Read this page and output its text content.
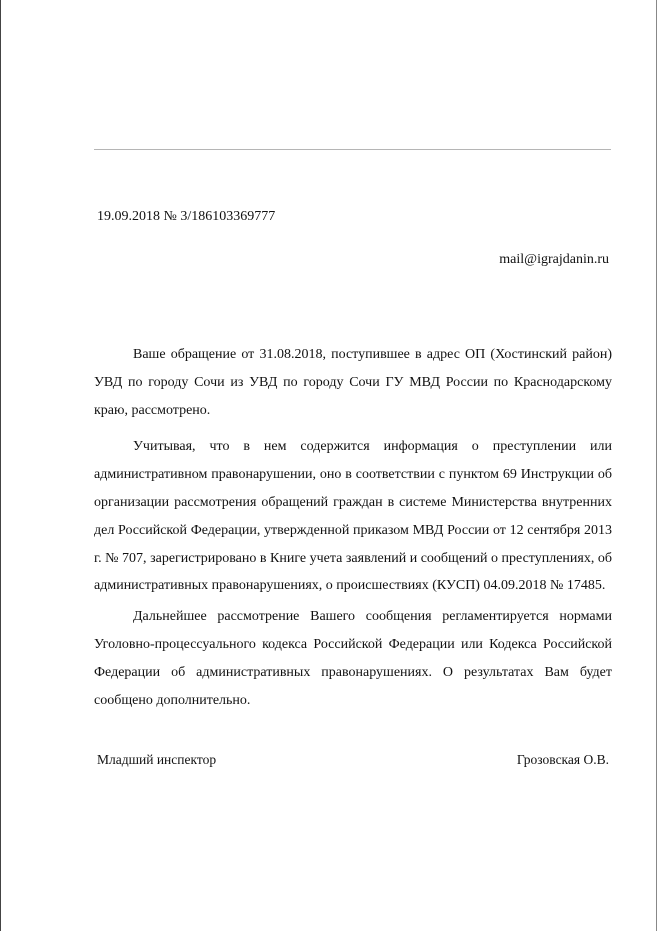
19.09.2018 № 3/186103369777
mail@igrajdanin.ru

Ваше обращение от 31.08.2018, поступившее в адрес ОП (Хостинский район) УВД по городу Сочи из УВД по городу Сочи ГУ МВД России по Краснодарскому краю, рассмотрено.

Учитывая, что в нем содержится информация о преступлении или административном правонарушении, оно в соответствии с пунктом 69 Инструкции об организации рассмотрения обращений граждан в системе Министерства внутренних дел Российской Федерации, утвержденной приказом МВД России от 12 сентября 2013 г. № 707, зарегистрировано в Книге учета заявлений и сообщений о преступлениях, об административных правонарушениях, о происшествиях (КУСП) 04.09.2018 № 17485.

Дальнейшее рассмотрение Вашего сообщения регламентируется нормами Уголовно-процессуального кодекса Российской Федерации или Кодекса Российской Федерации об административных правонарушениях. О результатах Вам будет сообщено дополнительно.

Младший инспектор	Грозовская О.В.
